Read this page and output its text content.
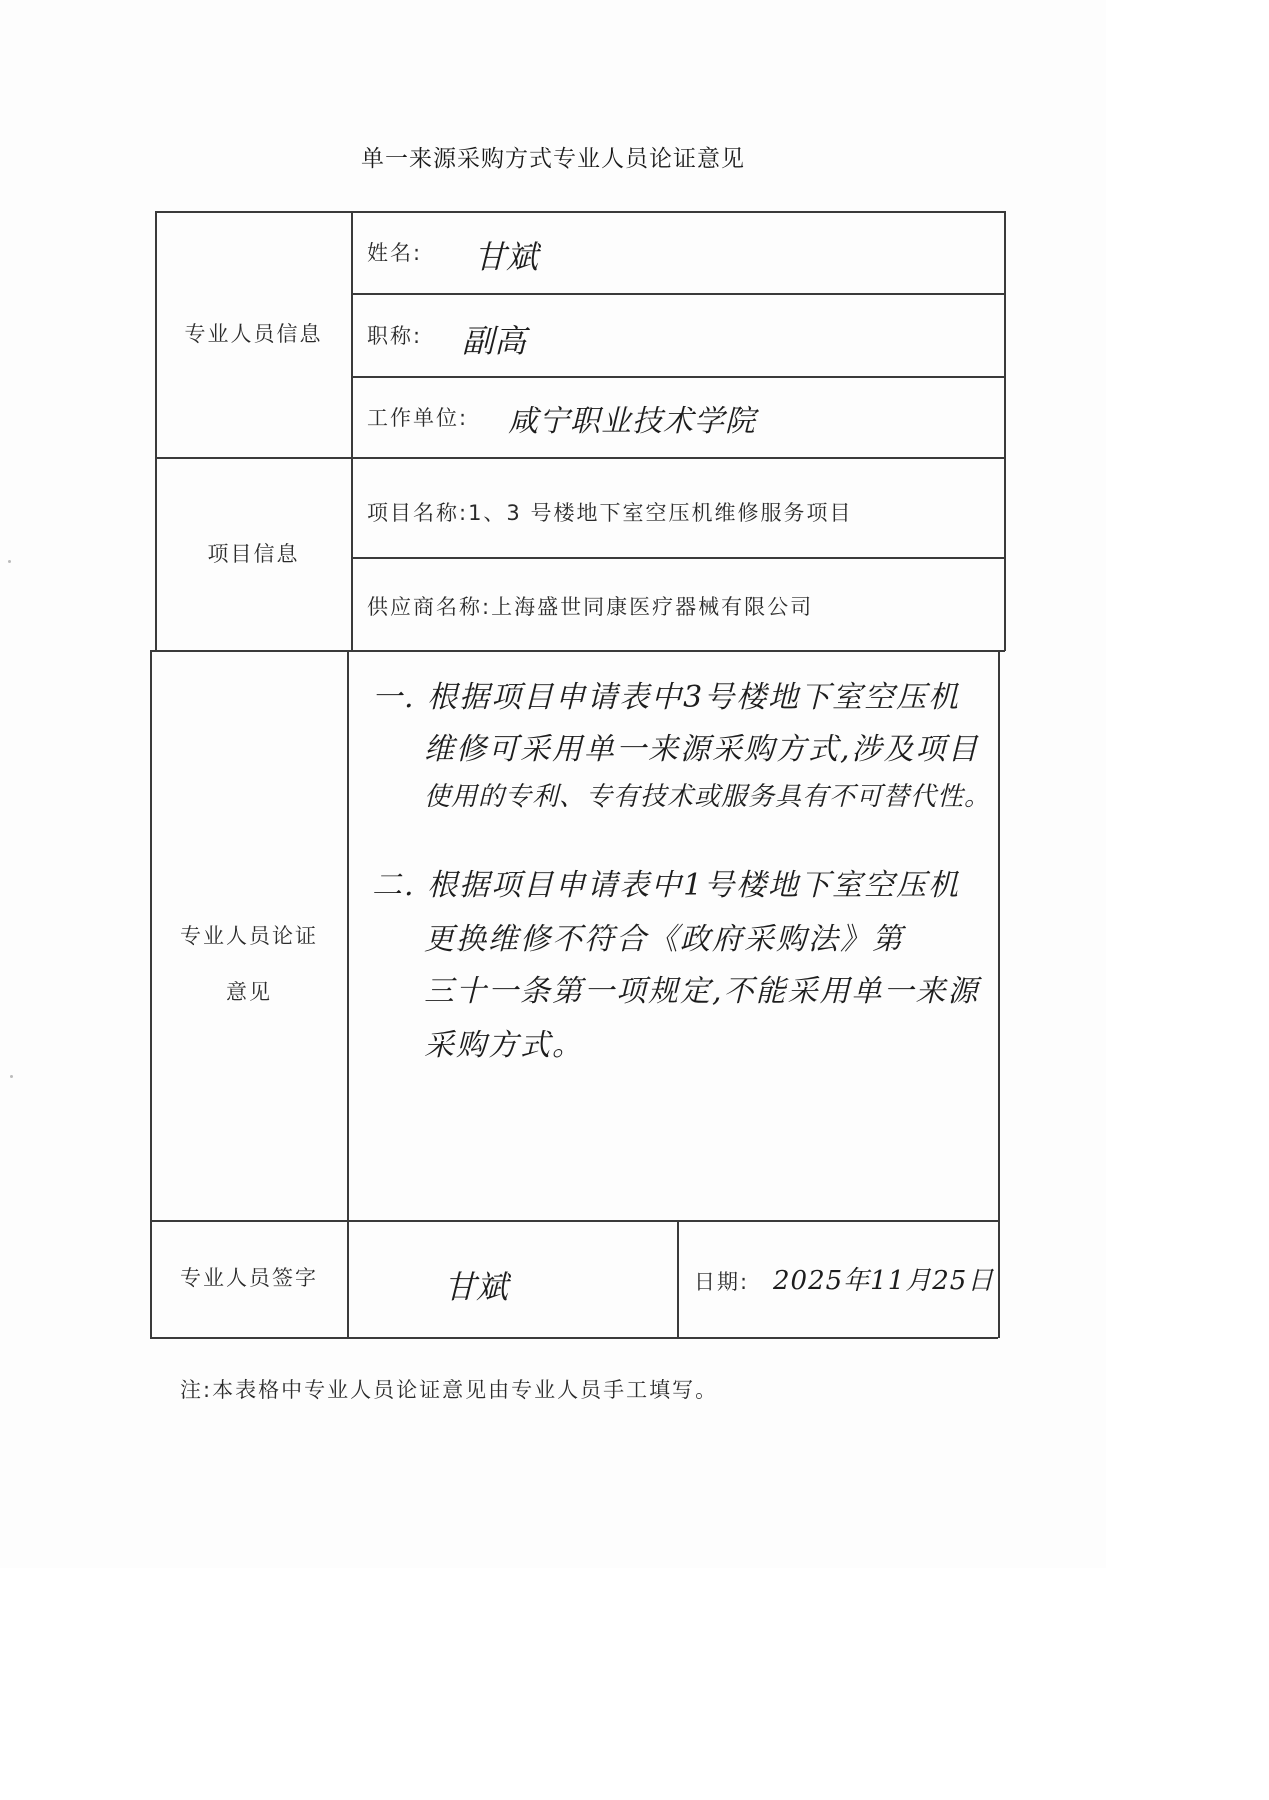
单一来源采购方式专业人员论证意见
专业人员信息
姓名: 甘斌
职称: 副高
工作单位: 咸宁职业技术学院
项目信息
项目名称:1、3 号楼地下室空压机维修服务项目
供应商名称:上海盛世同康医疗器械有限公司
专业人员论证
意见
一. 根据项目申请表中3号楼地下室空压机
维修可采用单一来源采购方式,涉及项目
使用的专利、专有技术或服务具有不可替代性。
二. 根据项目申请表中1号楼地下室空压机
更换维修不符合《政府采购法》第
三十一条第一项规定,不能采用单一来源
采购方式。
专业人员签字	甘斌	日期: 2025年11月25日
注:本表格中专业人员论证意见由专业人员手工填写。
